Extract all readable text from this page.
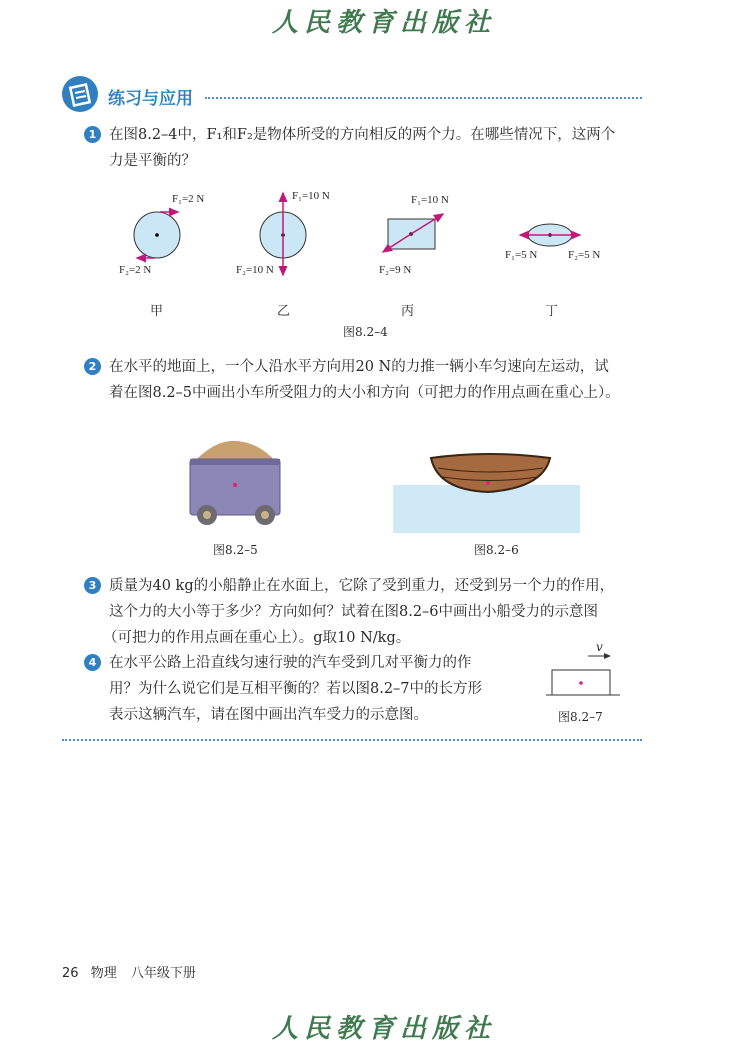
人民教育出版社
练习与应用
1 在图8.2–4中，F₁和F₂是物体所受的方向相反的两个力。在哪些情况下，这两个
力是平衡的？
F₁=2 N
F₂=2 N
F₁=10 N
F₂=10 N
F₁=10 N
F₂=9 N
F₁=5 N	F₂=5 N
甲	乙	丙	丁
图8.2–4
2 在水平的地面上，一个人沿水平方向用20 N的力推一辆小车匀速向左运动，试
着在图8.2–5中画出小车所受阻力的大小和方向（可把力的作用点画在重心上）。
图8.2–5	图8.2–6
3 质量为40 kg的小船静止在水面上，它除了受到重力，还受到另一个力的作用，
这个力的大小等于多少？方向如何？试着在图8.2–6中画出小船受力的示意图
（可把力的作用点画在重心上）。g取10 N/kg。
4 在水平公路上沿直线匀速行驶的汽车受到几对平衡力的作
用？为什么说它们是互相平衡的？若以图8.2–7中的长方形
表示这辆汽车，请在图中画出汽车受力的示意图。
v
图8.2–7
26 物理 八年级下册
人民教育出版社
